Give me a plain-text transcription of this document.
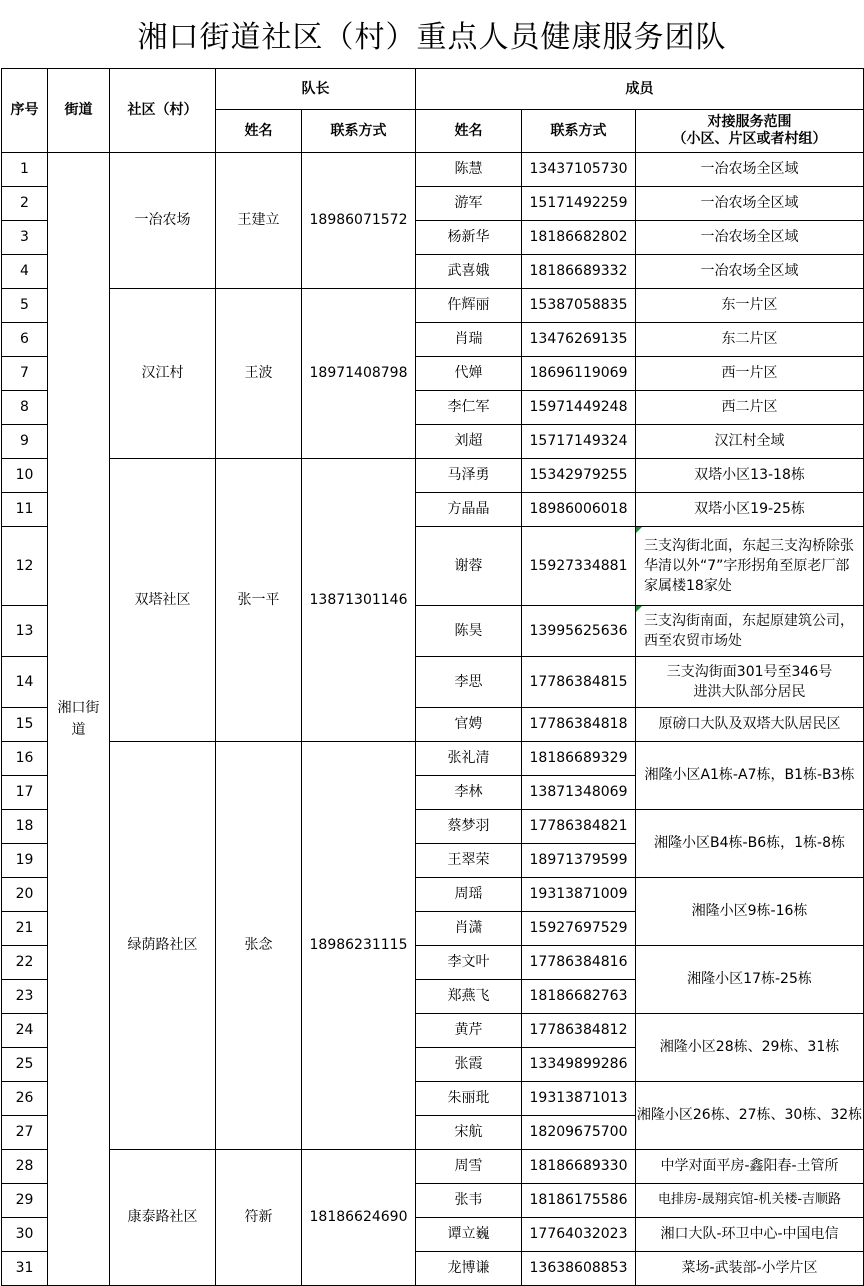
湘口街道社区（村）重点人员健康服务团队
序号	街道	社区（村）	队长		成员		
			姓名	联系方式	姓名	联系方式	对接服务范围
（小区、片区或者村组）

1	湘口街道	一冶农场	王建立	18986071572	陈慧	13437105730	一冶农场全区域
2					游军	15171492259	一冶农场全区域
3					杨新华	18186682802	一冶农场全区域
4					武喜娥	18186689332	一冶农场全区域
5		汉江村	王波	18971408798	仵辉丽	15387058835	东一片区
6					肖瑞	13476269135	东二片区
7					代婵	18696119069	西一片区
8					李仁军	15971449248	西二片区
9					刘超	15717149324	汉江村全域
10		双塔社区	张一平	13871301146	马泽勇	15342979255	双塔小区13-18栋
11					方晶晶	18986006018	双塔小区19-25栋
12					谢蓉	15927334881	三支沟街北面，东起三支沟桥除张华清以外“7”字形拐角至原老厂部家属楼18家处

13					陈昊	13995625636	三支沟街南面，东起原建筑公司，西至农贸市场处

14					李思	17786384815	三支沟街面301号至346号
进洪大队部分居民

15					官娉	17786384818	原磅口大队及双塔大队居民区
16		绿荫路社区	张念	18986231115	张礼清	18186689329	湘隆小区A1栋-A7栋，B1栋-B3栋
17					李林	13871348069	
18					蔡梦羽	17786384821	湘隆小区B4栋-B6栋，1栋-8栋
19					王翠荣	18971379599	
20					周瑶	19313871009	湘隆小区9栋-16栋
21					肖潇	15927697529	
22					李文叶	17786384816	湘隆小区17栋-25栋
23					郑燕飞	18186682763	
24					黄芹	17786384812	湘隆小区28栋、29栋、31栋
25					张霞	13349899286	
26					朱丽玭	19313871013	湘隆小区26栋、27栋、30栋、32栋
27					宋航	18209675700	
28		康泰路社区	符新	18186624690	周雪	18186689330	中学对面平房-鑫阳春-土管所
29					张韦	18186175586	电排房-晟翔宾馆-机关楼-吉顺路
30					谭立巍	17764032023	湘口大队-环卫中心-中国电信
31					龙博谦	13638608853	菜场-武装部-小学片区
